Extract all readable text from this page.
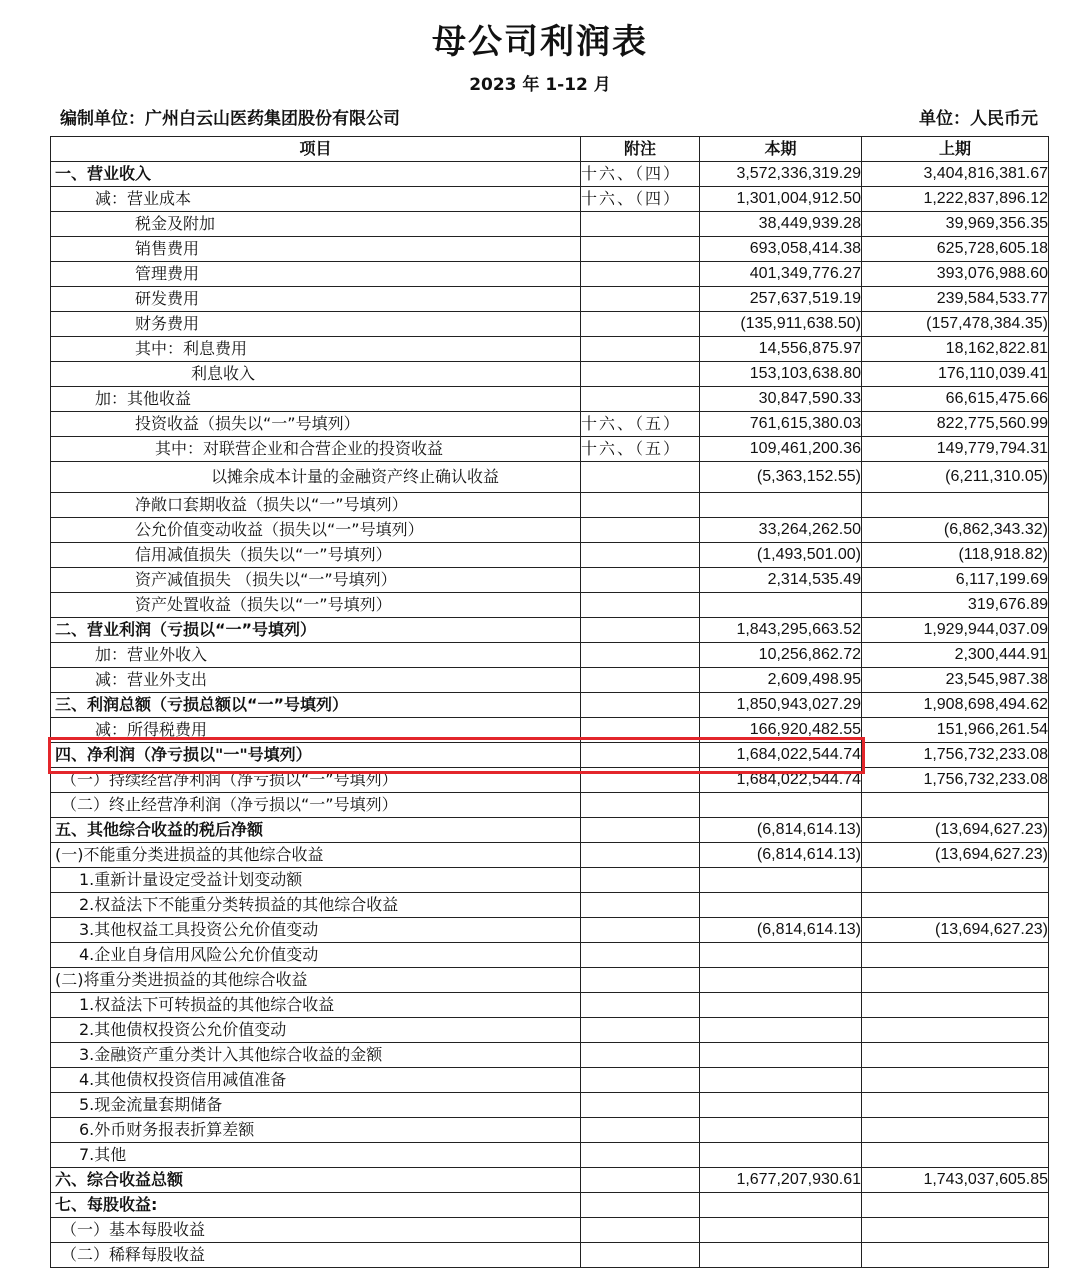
母公司利润表
2023 年 1-12 月
编制单位：广州白云山医药集团股份有限公司	单位：人民币元
项目	附注	本期	上期
一、营业收入	十六、（四）	3,572,336,319.29	3,404,816,381.67
减：营业成本	十六、（四）	1,301,004,912.50	1,222,837,896.12
税金及附加		38,449,939.28	39,969,356.35
销售费用		693,058,414.38	625,728,605.18
管理费用		401,349,776.27	393,076,988.60
研发费用		257,637,519.19	239,584,533.77
财务费用		(135,911,638.50)	(157,478,384.35)
其中：利息费用		14,556,875.97	18,162,822.81
利息收入		153,103,638.80	176,110,039.41
加：其他收益		30,847,590.33	66,615,475.66
投资收益（损失以“一”号填列）	十六、（五）	761,615,380.03	822,775,560.99
其中：对联营企业和合营企业的投资收益	十六、（五）	109,461,200.36	149,779,794.31
以摊余成本计量的金融资产终止确认收益		(5,363,152.55)	(6,211,310.05)
净敞口套期收益（损失以“一”号填列）			
公允价值变动收益（损失以“一”号填列）		33,264,262.50	(6,862,343.32)
信用减值损失（损失以“一”号填列）		(1,493,501.00)	(118,918.82)
资产减值损失 （损失以“一”号填列）		2,314,535.49	6,117,199.69
资产处置收益（损失以“一”号填列）			319,676.89
二、营业利润（亏损以“一”号填列）		1,843,295,663.52	1,929,944,037.09
加：营业外收入		10,256,862.72	2,300,444.91
减：营业外支出		2,609,498.95	23,545,987.38
三、利润总额（亏损总额以“一”号填列）		1,850,943,027.29	1,908,698,494.62
减：所得税费用		166,920,482.55	151,966,261.54
四、净利润（净亏损以"一"号填列）		1,684,022,544.74	1,756,732,233.08
（一）持续经营净利润（净亏损以“一”号填列）		1,684,022,544.74	1,756,732,233.08
（二）终止经营净利润（净亏损以“一”号填列）			
五、其他综合收益的税后净额		(6,814,614.13)	(13,694,627.23)
(一)不能重分类进损益的其他综合收益		(6,814,614.13)	(13,694,627.23)
1.重新计量设定受益计划变动额			
2.权益法下不能重分类转损益的其他综合收益			
3.其他权益工具投资公允价值变动		(6,814,614.13)	(13,694,627.23)
4.企业自身信用风险公允价值变动			
(二)将重分类进损益的其他综合收益			
1.权益法下可转损益的其他综合收益			
2.其他债权投资公允价值变动			
3.金融资产重分类计入其他综合收益的金额			
4.其他债权投资信用减值准备			
5.现金流量套期储备			
6.外币财务报表折算差额			
7.其他			
六、综合收益总额		1,677,207,930.61	1,743,037,605.85
七、每股收益:			
（一）基本每股收益			
（二）稀释每股收益			
